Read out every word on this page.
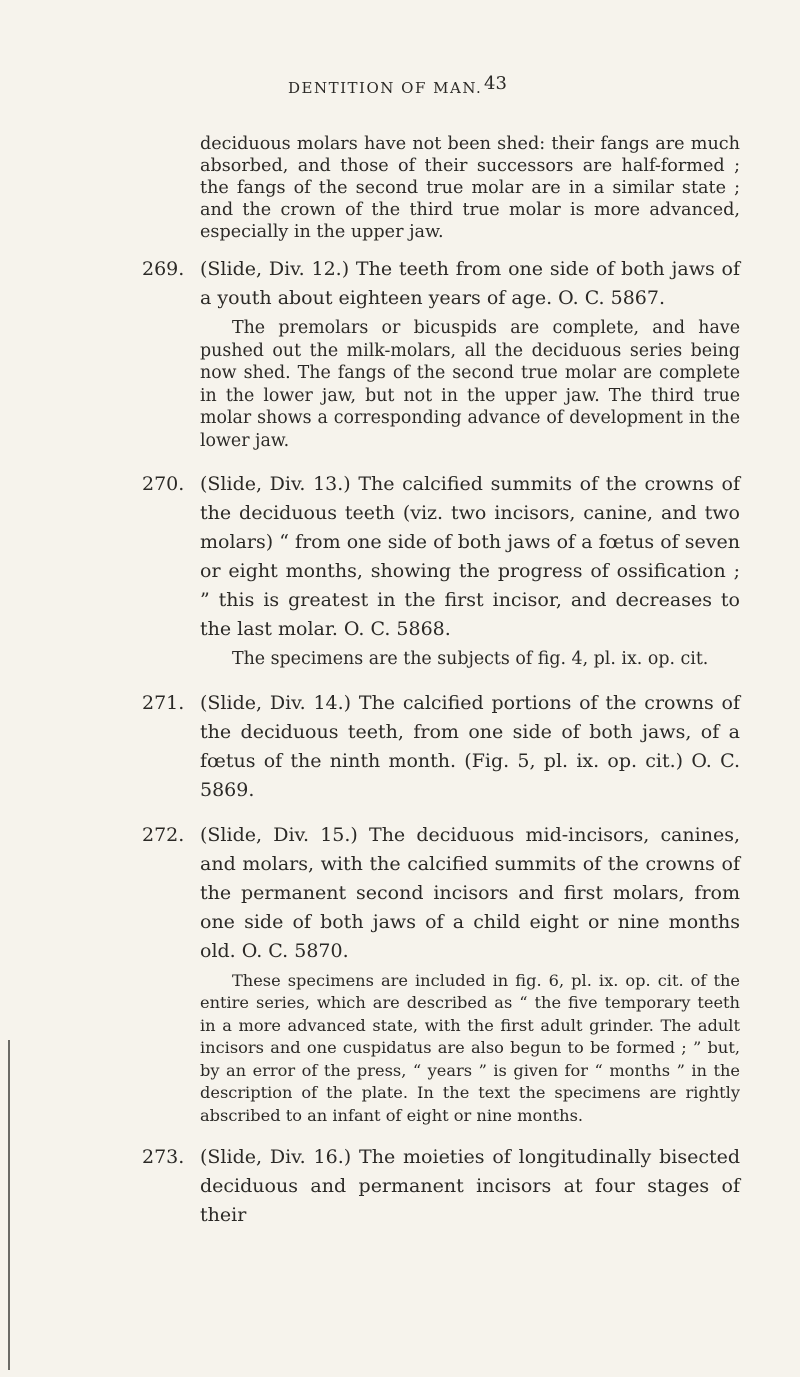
DENTITION OF MAN. 43

deciduous molars have not been shed: their fangs are much absorbed, and those of their successors are half-formed ; the fangs of the second true molar are in a similar state ; and the crown of the third true molar is more advanced, especially in the upper jaw.

269. (Slide, Div. 12.) The teeth from one side of both jaws of a youth about eighteen years of age. O. C. 5867.

The premolars or bicuspids are complete, and have pushed out the milk-molars, all the deciduous series being now shed. The fangs of the second true molar are complete in the lower jaw, but not in the upper jaw. The third true molar shows a corresponding advance of development in the lower jaw.

270. (Slide, Div. 13.) The calcified summits of the crowns of the deciduous teeth (viz. two incisors, canine, and two molars) “ from one side of both jaws of a fœtus of seven or eight months, showing the progress of ossification ; ” this is greatest in the first incisor, and decreases to the last molar. O. C. 5868.

The specimens are the subjects of fig. 4, pl. ix. op. cit.

271. (Slide, Div. 14.) The calcified portions of the crowns of the deciduous teeth, from one side of both jaws, of a fœtus of the ninth month. (Fig. 5, pl. ix. op. cit.) O. C. 5869.
272. (Slide, Div. 15.) The deciduous mid-incisors, canines, and molars, with the calcified summits of the crowns of the permanent second incisors and first molars, from one side of both jaws of a child eight or nine months old. O. C. 5870.

These specimens are included in fig. 6, pl. ix. op. cit. of the entire series, which are described as “ the five temporary teeth in a more advanced state, with the first adult grinder. The adult incisors and one cuspidatus are also begun to be formed ; ” but, by an error of the press, “ years ” is given for “ months ” in the description of the plate. In the text the specimens are rightly abscribed to an infant of eight or nine months.

273. (Slide, Div. 16.) The moieties of longitudinally bisected deciduous and permanent incisors at four stages of their
